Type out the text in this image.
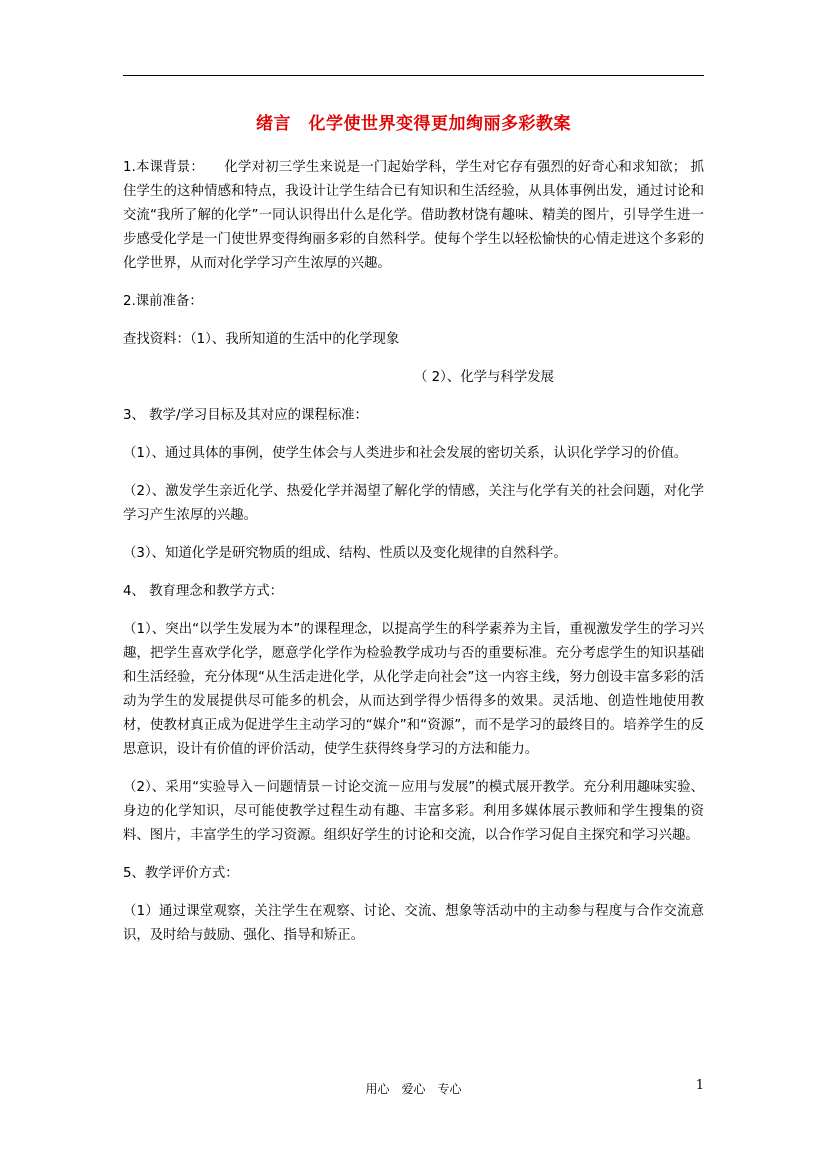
绪言　化学使世界变得更加绚丽多彩教案

1.本课背景：　　化学对初三学生来说是一门起始学科，学生对它存有强烈的好奇心和求知欲； 抓住学生的这种情感和特点，我设计让学生结合已有知识和生活经验，从具体事例出发，通过讨论和交流“我所了解的化学”一同认识得出什么是化学。借助教材饶有趣味、精美的图片，引导学生进一步感受化学是一门使世界变得绚丽多彩的自然科学。使每个学生以轻松愉快的心情走进这个多彩的化学世界，从而对化学学习产生浓厚的兴趣。

2.课前准备：

查找资料：（1）、我所知道的生活中的化学现象

（ 2）、化学与科学发展

3、 教学/学习目标及其对应的课程标准：

（1）、通过具体的事例，使学生体会与人类进步和社会发展的密切关系，认识化学学习的价值。

（2）、激发学生亲近化学、热爱化学并渴望了解化学的情感，关注与化学有关的社会问题，对化学学习产生浓厚的兴趣。

（3）、知道化学是研究物质的组成、结构、性质以及变化规律的自然科学。

4、 教育理念和教学方式：

（1）、突出“以学生发展为本”的课程理念，以提高学生的科学素养为主旨，重视激发学生的学习兴趣，把学生喜欢学化学，愿意学化学作为检验教学成功与否的重要标准。充分考虑学生的知识基础和生活经验，充分体现“从生活走进化学，从化学走向社会”这一内容主线，努力创设丰富多彩的活动为学生的发展提供尽可能多的机会，从而达到学得少悟得多的效果。灵活地、创造性地使用教材，使教材真正成为促进学生主动学习的“媒介”和“资源”，而不是学习的最终目的。培养学生的反思意识，设计有价值的评价活动，使学生获得终身学习的方法和能力。

（2）、采用“实验导入－问题情景－讨论交流－应用与发展”的模式展开教学。充分利用趣味实验、身边的化学知识，尽可能使教学过程生动有趣、丰富多彩。利用多媒体展示教师和学生搜集的资料、图片，丰富学生的学习资源。组织好学生的讨论和交流，以合作学习促自主探究和学习兴趣。

5、教学评价方式：

（1）通过课堂观察，关注学生在观察、讨论、交流、想象等活动中的主动参与程度与合作交流意识，及时给与鼓励、强化、指导和矫正。

用心　爱心　专心	1
